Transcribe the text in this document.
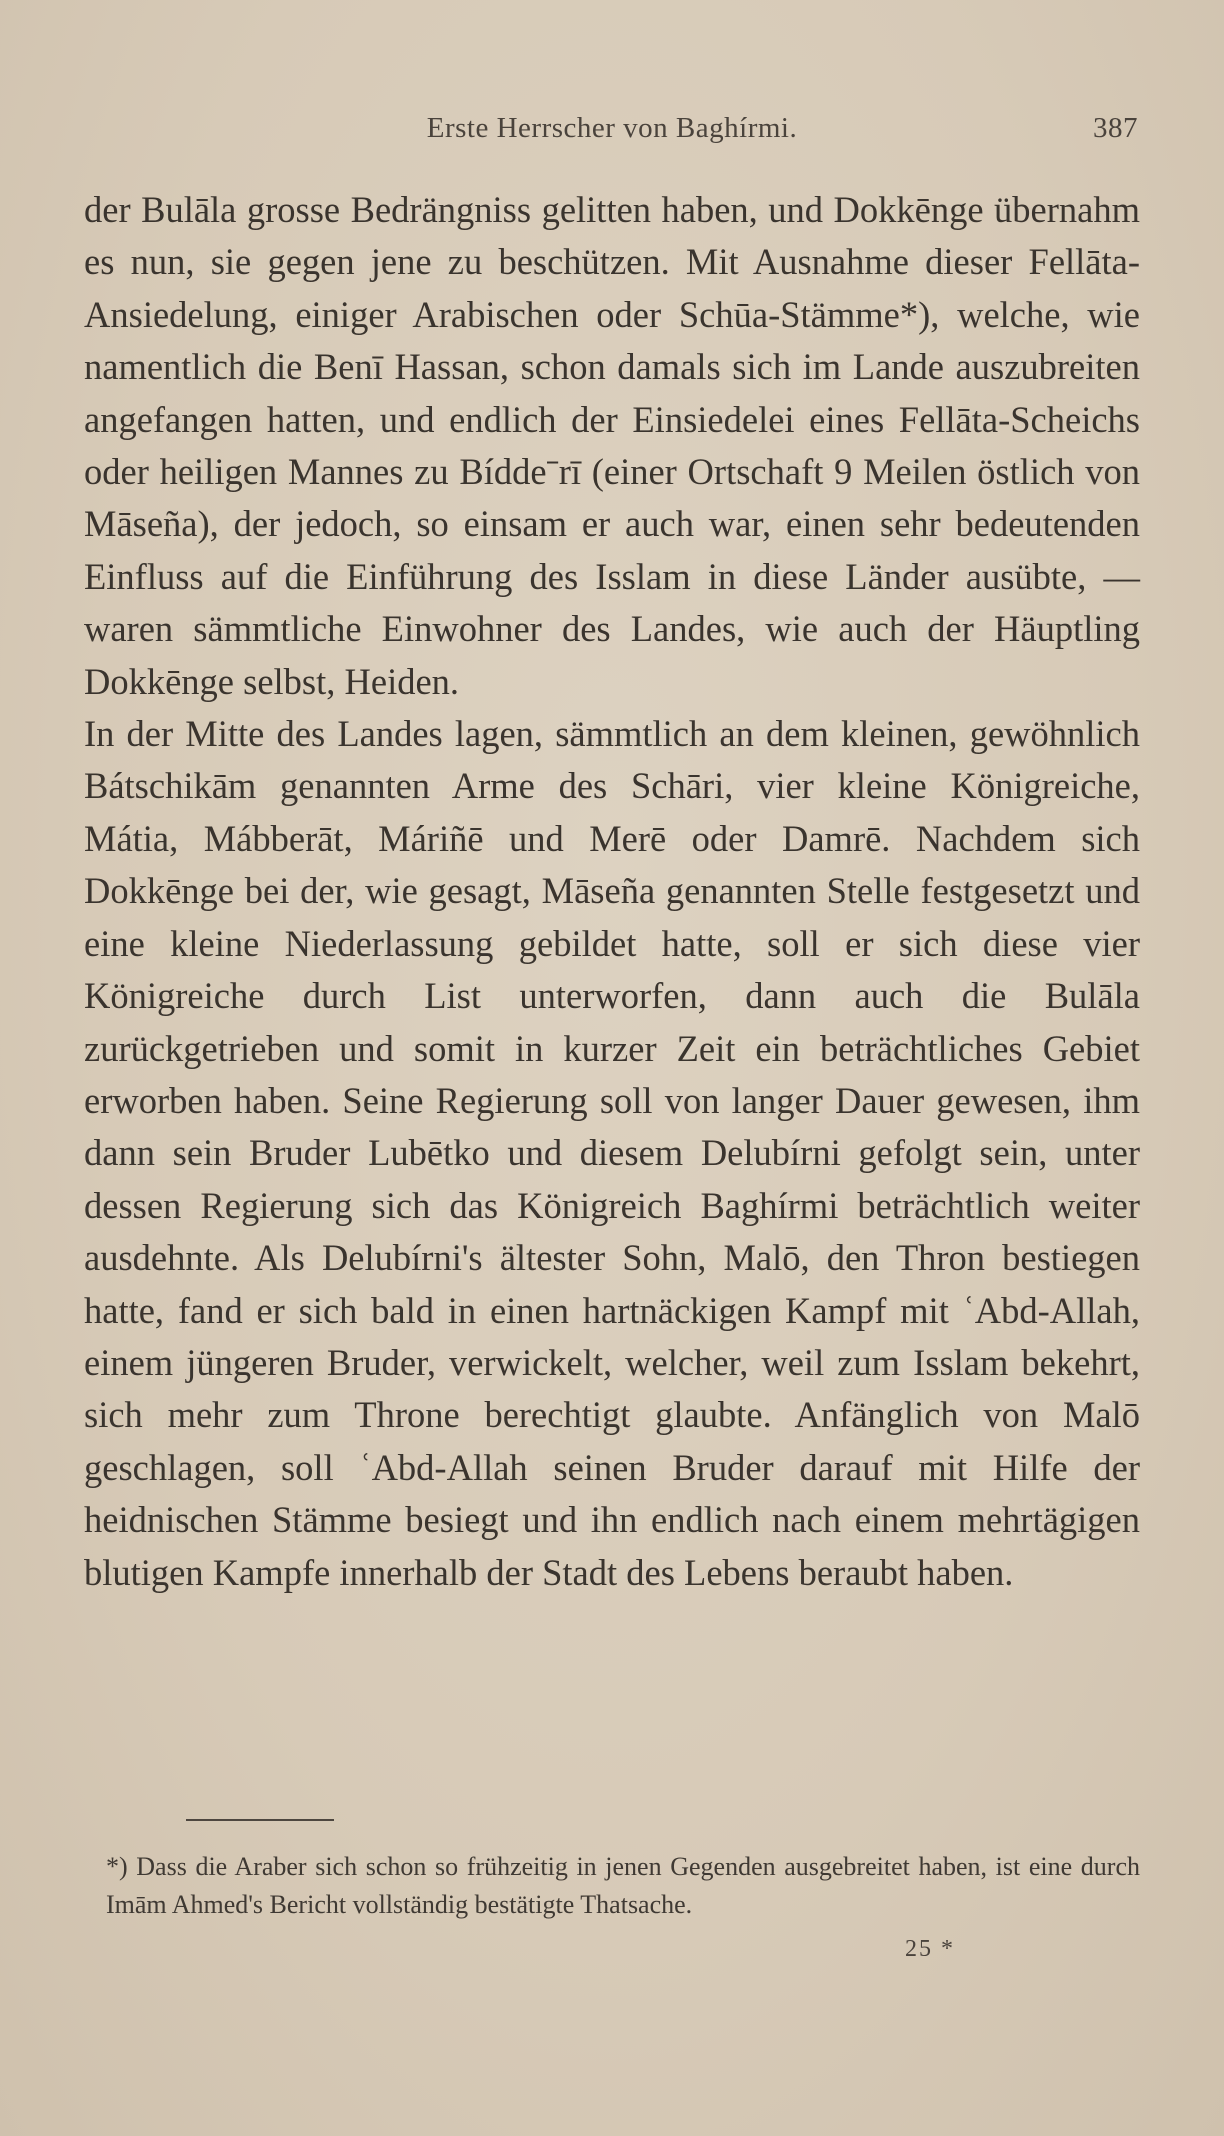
Erste Herrscher von Baghírmi.	387

der Bulāla grosse Bedrängniss gelitten haben, und Dokkēnge übernahm es nun, sie gegen jene zu beschützen. Mit Ausnahme dieser Fellāta-Ansiedelung, einiger Arabischen oder Schūa-Stämme*), welche, wie namentlich die Benī Hassan, schon damals sich im Lande auszubreiten angefangen hatten, und endlich der Einsiedelei eines Fellāta-Scheichs oder heiligen Mannes zu Bíddeˉrī (einer Ortschaft 9 Meilen östlich von Māseña), der jedoch, so einsam er auch war, einen sehr bedeutenden Einfluss auf die Einführung des Isslam in diese Länder ausübte, — waren sämmtliche Einwohner des Landes, wie auch der Häuptling Dokkēnge selbst, Heiden.

In der Mitte des Landes lagen, sämmtlich an dem kleinen, gewöhnlich Bátschikām genannten Arme des Schāri, vier kleine Königreiche, Mátia, Mábberāt, Máriñē und Merē oder Damrē. Nachdem sich Dokkēnge bei der, wie gesagt, Māseña genannten Stelle festgesetzt und eine kleine Niederlassung gebildet hatte, soll er sich diese vier Königreiche durch List unterworfen, dann auch die Bulāla zurückgetrieben und somit in kurzer Zeit ein beträchtliches Gebiet erworben haben. Seine Regierung soll von langer Dauer gewesen, ihm dann sein Bruder Lubētko und diesem Delubírni gefolgt sein, unter dessen Regierung sich das Königreich Baghírmi beträchtlich weiter ausdehnte. Als Delubírni's ältester Sohn, Malō, den Thron bestiegen hatte, fand er sich bald in einen hartnäckigen Kampf mit ʿAbd-Allah, einem jüngeren Bruder, verwickelt, welcher, weil zum Isslam bekehrt, sich mehr zum Throne berechtigt glaubte. Anfänglich von Malō geschlagen, soll ʿAbd-Allah seinen Bruder darauf mit Hilfe der heidnischen Stämme besiegt und ihn endlich nach einem mehrtägigen blutigen Kampfe innerhalb der Stadt des Lebens beraubt haben.

*) Dass die Araber sich schon so frühzeitig in jenen Gegenden ausgebreitet haben, ist eine durch Imām Ahmed's Bericht vollständig bestätigte Thatsache.
25 *
